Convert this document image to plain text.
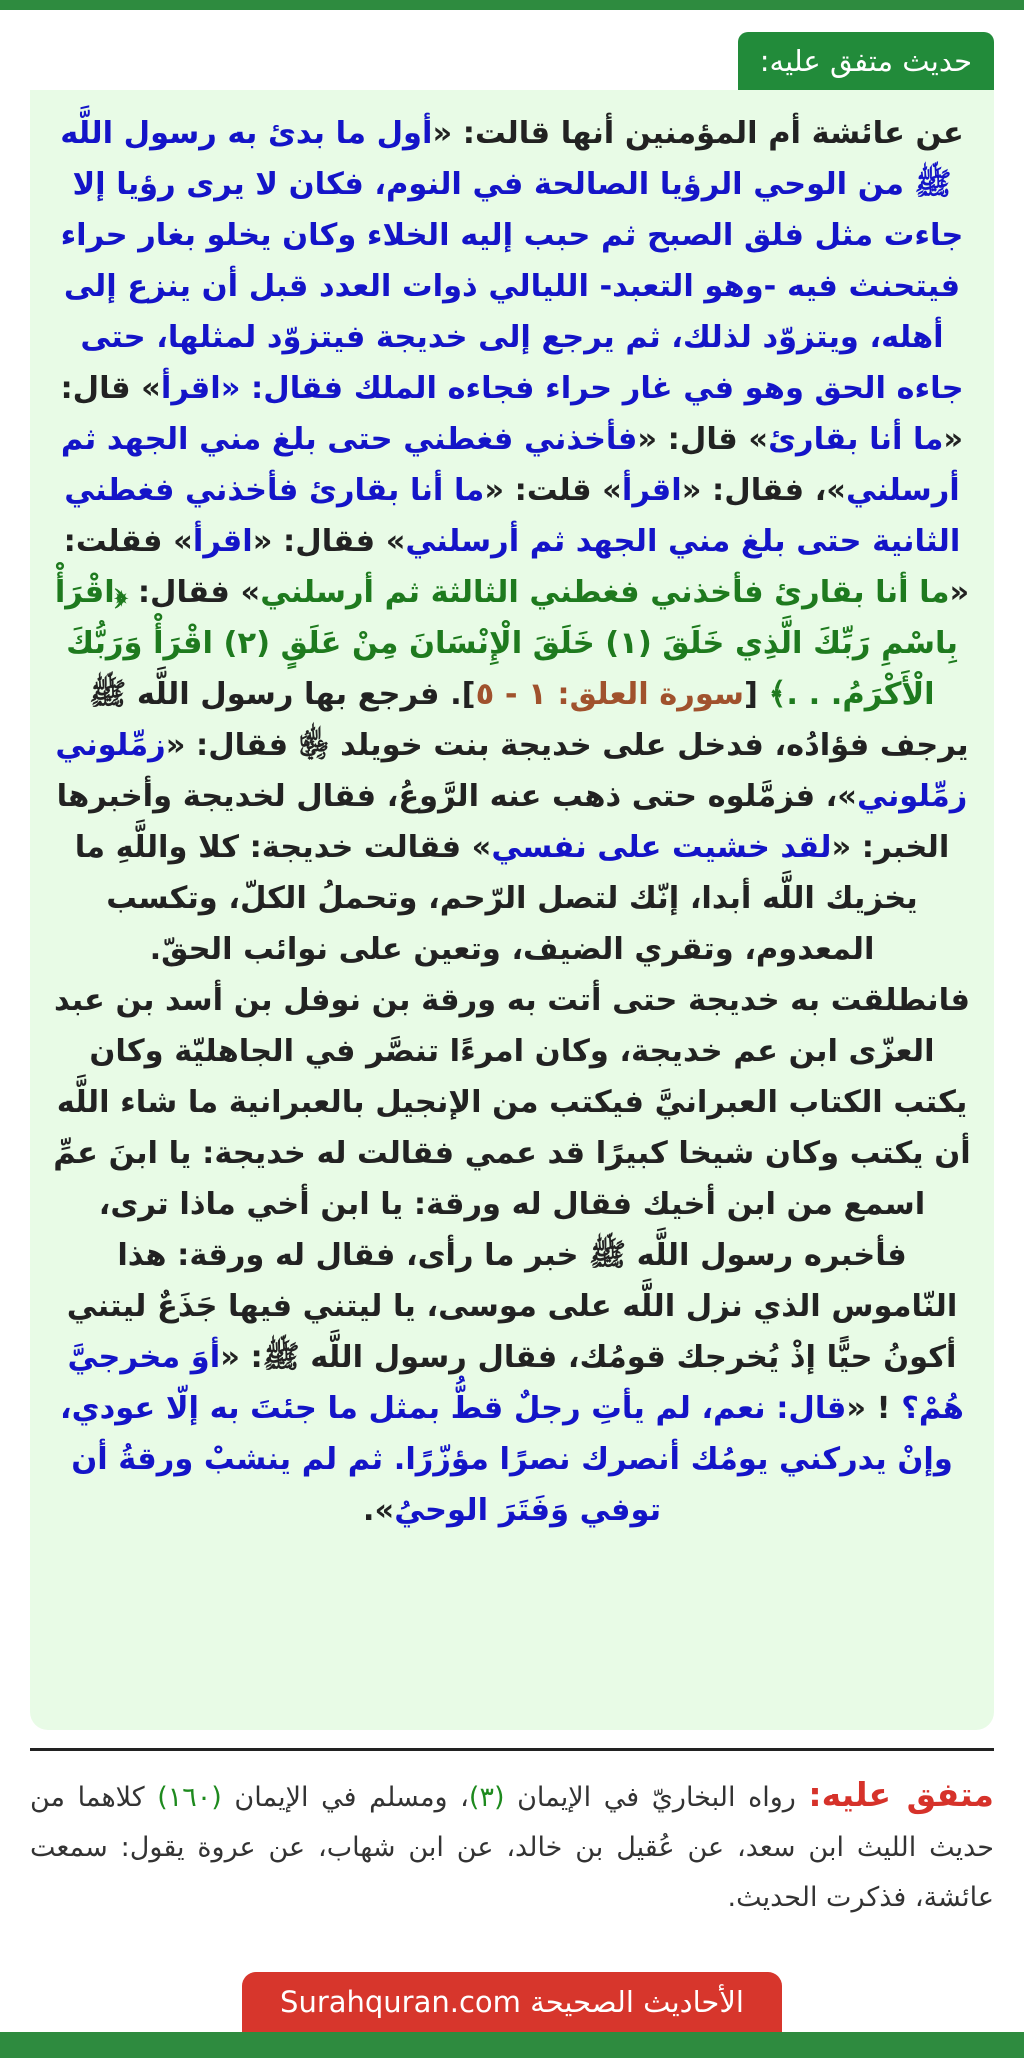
حديث متفق عليه:

عن عائشة أم المؤمنين أنها قالت: «أول ما بدئ به رسول اللَّه ﷺ من الوحي الرؤيا الصالحة في النوم، فكان لا يرى رؤيا إلا جاءت مثل فلق الصبح ثم حبب إليه الخلاء وكان يخلو بغار حراء فيتحنث فيه -وهو التعبد- الليالي ذوات العدد قبل أن ينزع إلى أهله، ويتزوّد لذلك، ثم يرجع إلى خديجة فيتزوّد لمثلها، حتى جاءه الحق وهو في غار حراء فجاءه الملك فقال: «اقرأ» قال: «ما أنا بقارئ» قال: «فأخذني فغطني حتى بلغ مني الجهد ثم أرسلني»، فقال: «اقرأ» قلت: «ما أنا بقارئ فأخذني فغطني الثانية حتى بلغ مني الجهد ثم أرسلني» فقال: «اقرأ» فقلت: «ما أنا بقارئ فأخذني فغطني الثالثة ثم أرسلني» فقال: ﴿اقْرَأْ بِاسْمِ رَبِّكَ الَّذِي خَلَقَ (١) خَلَقَ الْإِنْسَانَ مِنْ عَلَقٍ (٢) اقْرَأْ وَرَبُّكَ الْأَكْرَمُ. . .﴾ [سورة العلق: ١ - ٥]. فرجع بها رسول اللَّه ﷺ يرجف فؤادُه، فدخل على خديجة بنت خويلد ﵂ فقال: «زمِّلوني زمِّلوني»، فزمَّلوه حتى ذهب عنه الرَّوعُ، فقال لخديجة وأخبرها الخبر: «لقد خشيت على نفسي» فقالت خديجة: كلا واللَّهِ ما يخزيك اللَّه أبدا، إنّك لتصل الرّحم، وتحملُ الكلّ، وتكسب المعدوم، وتقري الضيف، وتعين على نوائب الحقّ.
فانطلقت به خديجة حتى أتت به ورقة بن نوفل بن أسد بن عبد العزّى ابن عم خديجة، وكان امرءًا تنصَّر في الجاهليّة وكان يكتب الكتاب العبرانيَّ فيكتب من الإنجيل بالعبرانية ما شاء اللَّه أن يكتب وكان شيخا كبيرًا قد عمي فقالت له خديجة: يا ابنَ عمِّ اسمع من ابن أخيك فقال له ورقة: يا ابن أخي ماذا ترى، فأخبره رسول اللَّه ﷺ خبر ما رأى، فقال له ورقة: هذا النّاموس الذي نزل اللَّه على موسى، يا ليتني فيها جَذَعٌ ليتني أكونُ حيًّا إذْ يُخرجك قومُك، فقال رسول اللَّه ﷺ: «أوَ مخرجيَّ هُمْ؟ ! «قال: نعم، لم يأتِ رجلٌ قطُّ بمثل ما جئتَ به إلّا عودي، وإنْ يدركني يومُك أنصرك نصرًا مؤزّرًا. ثم لم ينشبْ ورقةُ أن توفي وَفَتَرَ الوحيُ».

متفق عليه: رواه البخاريّ في الإيمان (٣)، ومسلم في الإيمان (١٦٠) كلاهما من حديث الليث ابن سعد، عن عُقيل بن خالد، عن ابن شهاب، عن عروة يقول: سمعت عائشة، فذكرت الحديث.

الأحاديث الصحيحة Surahquran.com
